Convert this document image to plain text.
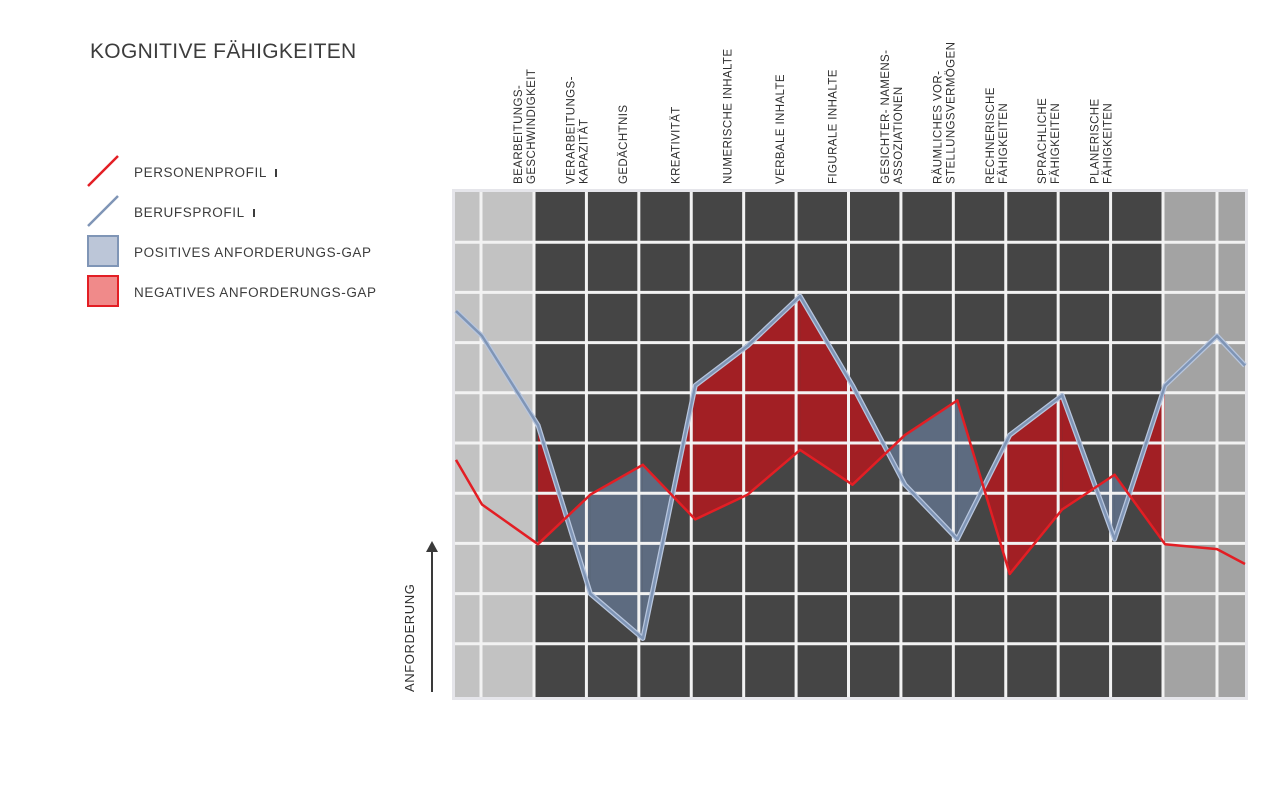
KOGNITIVE FÄHIGKEITEN
PERSONENPROFIL
BERUFSPROFIL
POSITIVES ANFORDERUNGS-GAP
NEGATIVES ANFORDERUNGS-GAP
BEARBEITUNGS- GESCHWINDIGKEIT VERARBEITUNGS- KAPAZITÄT GEDÄCHTNIS	KREATIVITÄT	NUMERISCHE INHALTE	VERBALE INHALTE	FIGURALE INHALTE	GESICHTER- NAMENS- ASSOZIATIONEN RÄUMLICHES VOR- STELLUNGSVERMÖGEN RECHNERISCHE FÄHIGKEITEN SPRACHLICHE FÄHIGKEITEN PLANERISCHE FÄHIGKEITEN
ANFORDERUNG
